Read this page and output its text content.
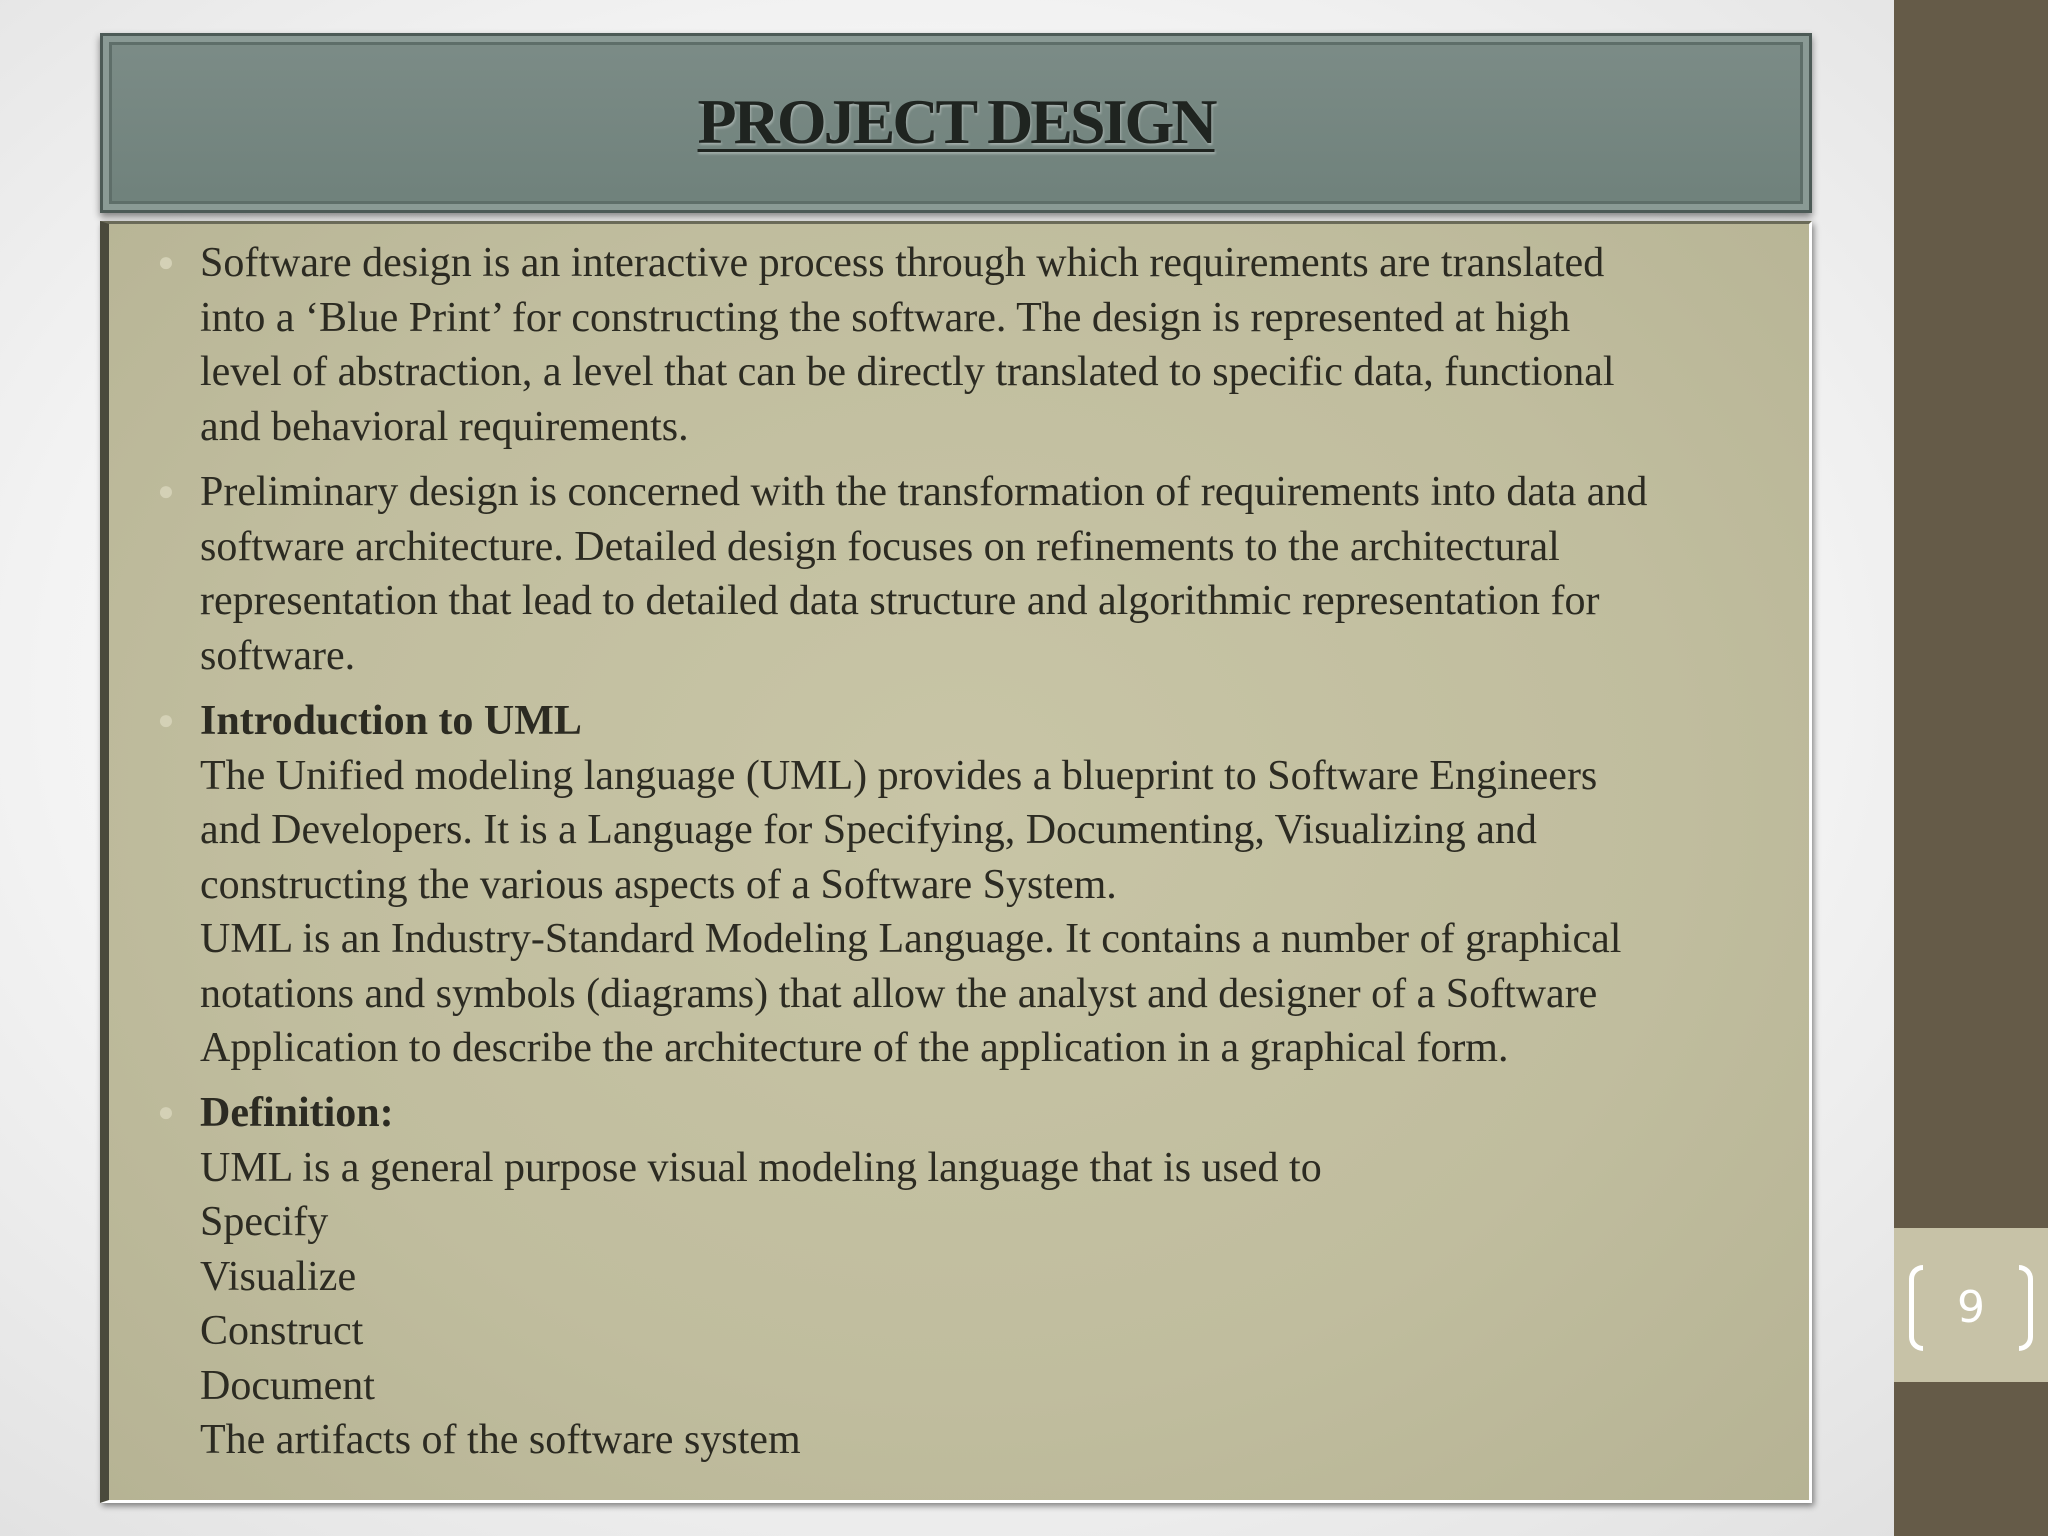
9
PROJECT DESIGN
● Software design is an interactive process through which requirements are translated
into a ‘Blue Print’ for constructing the software. The design is represented at high
level of abstraction, a level that can be directly translated to specific data, functional
and behavioral requirements.
● Preliminary design is concerned with the transformation of requirements into data and
software architecture. Detailed design focuses on refinements to the architectural
representation that lead to detailed data structure and algorithmic representation for
software.
● Introduction to UML
The Unified modeling language (UML) provides a blueprint to Software Engineers
and Developers. It is a Language for Specifying, Documenting, Visualizing and
constructing the various aspects of a Software System.
UML is an Industry-Standard Modeling Language. It contains a number of graphical
notations and symbols (diagrams) that allow the analyst and designer of a Software
Application to describe the architecture of the application in a graphical form.
● Definition:
UML is a general purpose visual modeling language that is used to
Specify
Visualize
Construct
Document
The artifacts of the software system
